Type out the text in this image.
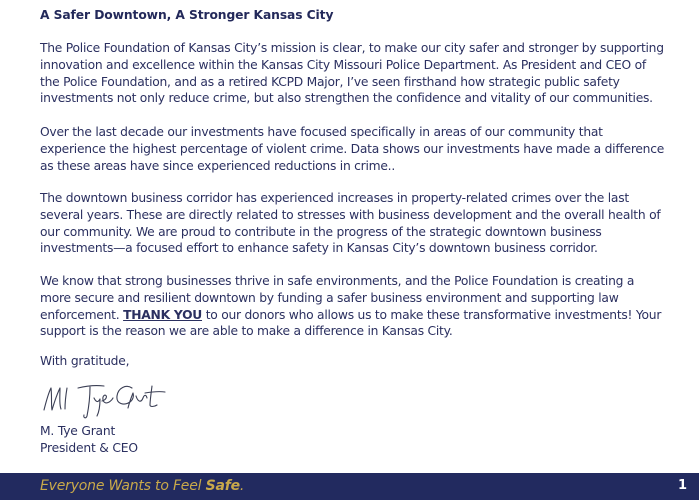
A Safer Downtown, A Stronger Kansas City

The Police Foundation of Kansas City’s mission is clear, to make our city safer and stronger by supporting innovation and excellence within the Kansas City Missouri Police Department. As President and CEO of the Police Foundation, and as a retired KCPD Major, I’ve seen firsthand how strategic public safety investments not only reduce crime, but also strengthen the confidence and vitality of our communities.

Over the last decade our investments have focused specifically in areas of our community that experience the highest percentage of violent crime. Data shows our investments have made a difference as these areas have since experienced reductions in crime..

The downtown business corridor has experienced increases in property-related crimes over the last several years. These are directly related to stresses with business development and the overall health of our community. We are proud to contribute in the progress of the strategic downtown business investments—a focused effort to enhance safety in Kansas City’s downtown business corridor.

We know that strong businesses thrive in safe environments, and the Police Foundation is creating a more secure and resilient downtown by funding a safer business environment and supporting law enforcement. THANK YOU to our donors who allows us to make these transformative investments! Your support is the reason we are able to make a difference in Kansas City.

With gratitude,

M. Tye Grant

President & CEO

Everyone Wants to Feel Safe.	1
